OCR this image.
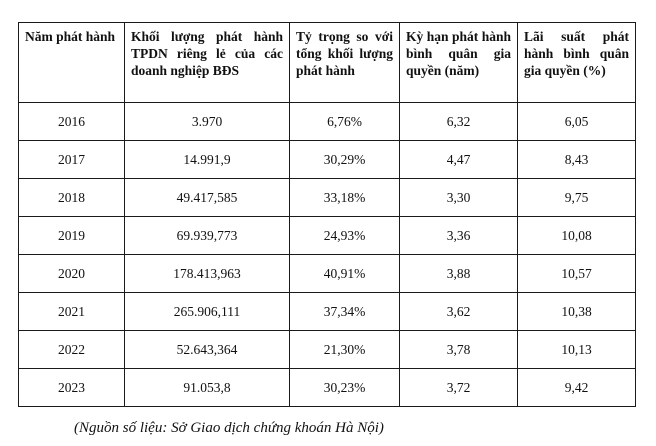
Năm phát hành	Khối lượng phát hành TPDN riêng lẻ của các doanh nghiệp BĐS	Tỷ trọng so với tổng khối lượng phát hành	Kỳ hạn phát hành bình quân gia quyền (năm)	Lãi suất phát hành bình quân gia quyền (%)
2016	3.970	6,76%	6,32	6,05
2017	14.991,9	30,29%	4,47	8,43
2018	49.417,585	33,18%	3,30	9,75
2019	69.939,773	24,93%	3,36	10,08
2020	178.413,963	40,91%	3,88	10,57
2021	265.906,111	37,34%	3,62	10,38
2022	52.643,364	21,30%	3,78	10,13
2023	91.053,8	30,23%	3,72	9,42
(Nguồn số liệu: Sở Giao dịch chứng khoán Hà Nội)
